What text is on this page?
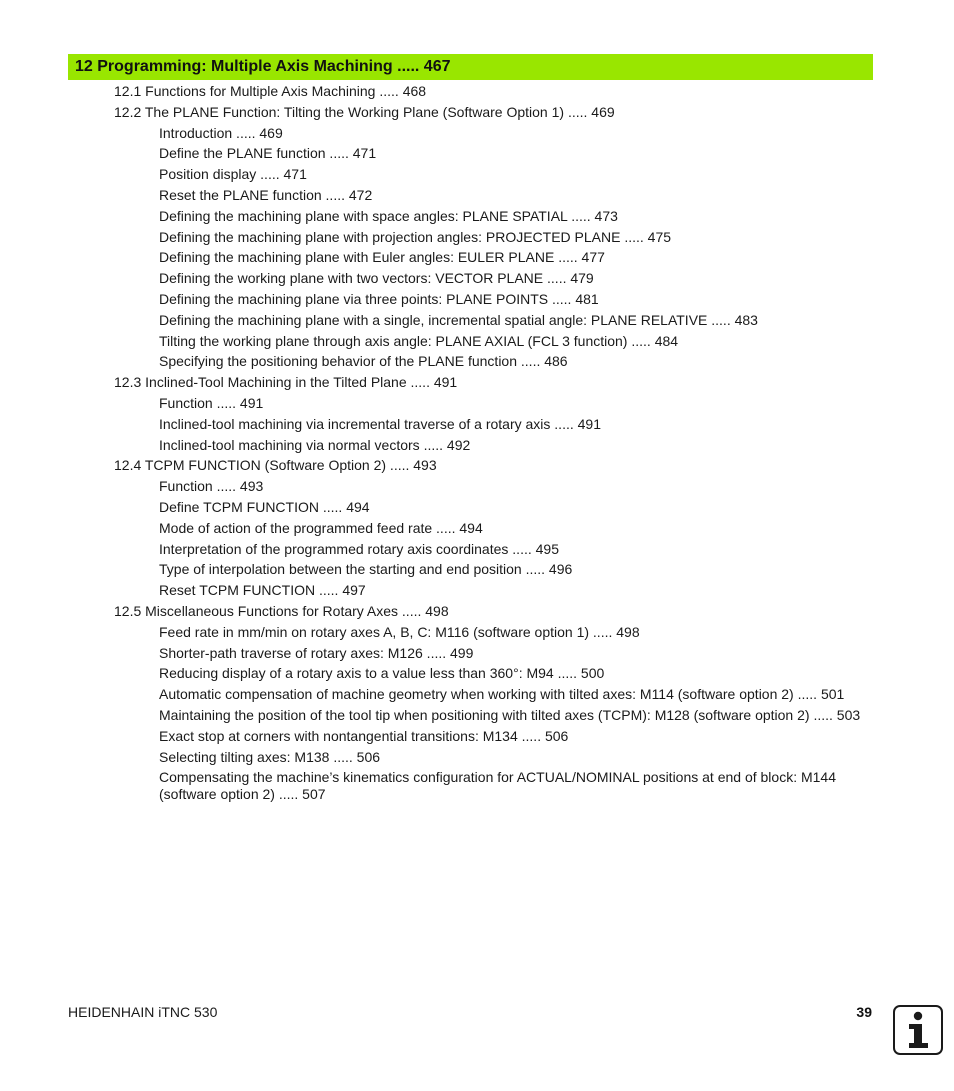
12 Programming: Multiple Axis Machining ..... 467
12.1 Functions for Multiple Axis Machining ..... 468
12.2 The PLANE Function: Tilting the Working Plane (Software Option 1) ..... 469
Introduction ..... 469
Define the PLANE function ..... 471
Position display ..... 471
Reset the PLANE function ..... 472
Defining the machining plane with space angles: PLANE SPATIAL ..... 473
Defining the machining plane with projection angles: PROJECTED PLANE ..... 475
Defining the machining plane with Euler angles: EULER PLANE ..... 477
Defining the working plane with two vectors: VECTOR PLANE ..... 479
Defining the machining plane via three points: PLANE POINTS ..... 481
Defining the machining plane with a single, incremental spatial angle: PLANE RELATIVE ..... 483
Tilting the working plane through axis angle: PLANE AXIAL (FCL 3 function) ..... 484
Specifying the positioning behavior of the PLANE function ..... 486
12.3 Inclined-Tool Machining in the Tilted Plane ..... 491
Function ..... 491
Inclined-tool machining via incremental traverse of a rotary axis ..... 491
Inclined-tool machining via normal vectors ..... 492
12.4 TCPM FUNCTION (Software Option 2) ..... 493
Function ..... 493
Define TCPM FUNCTION ..... 494
Mode of action of the programmed feed rate ..... 494
Interpretation of the programmed rotary axis coordinates ..... 495
Type of interpolation between the starting and end position ..... 496
Reset TCPM FUNCTION ..... 497
12.5 Miscellaneous Functions for Rotary Axes ..... 498
Feed rate in mm/min on rotary axes A, B, C: M116 (software option 1) ..... 498
Shorter-path traverse of rotary axes: M126 ..... 499
Reducing display of a rotary axis to a value less than 360°: M94 ..... 500
Automatic compensation of machine geometry when working with tilted axes: M114 (software option 2) ..... 501
Maintaining the position of the tool tip when positioning with tilted axes (TCPM): M128 (software option 2) ..... 503
Exact stop at corners with nontangential transitions: M134 ..... 506
Selecting tilting axes: M138 ..... 506
Compensating the machine’s kinematics configuration for ACTUAL/NOMINAL positions at end of block: M144 (software option 2) ..... 507
HEIDENHAIN iTNC 530	39
